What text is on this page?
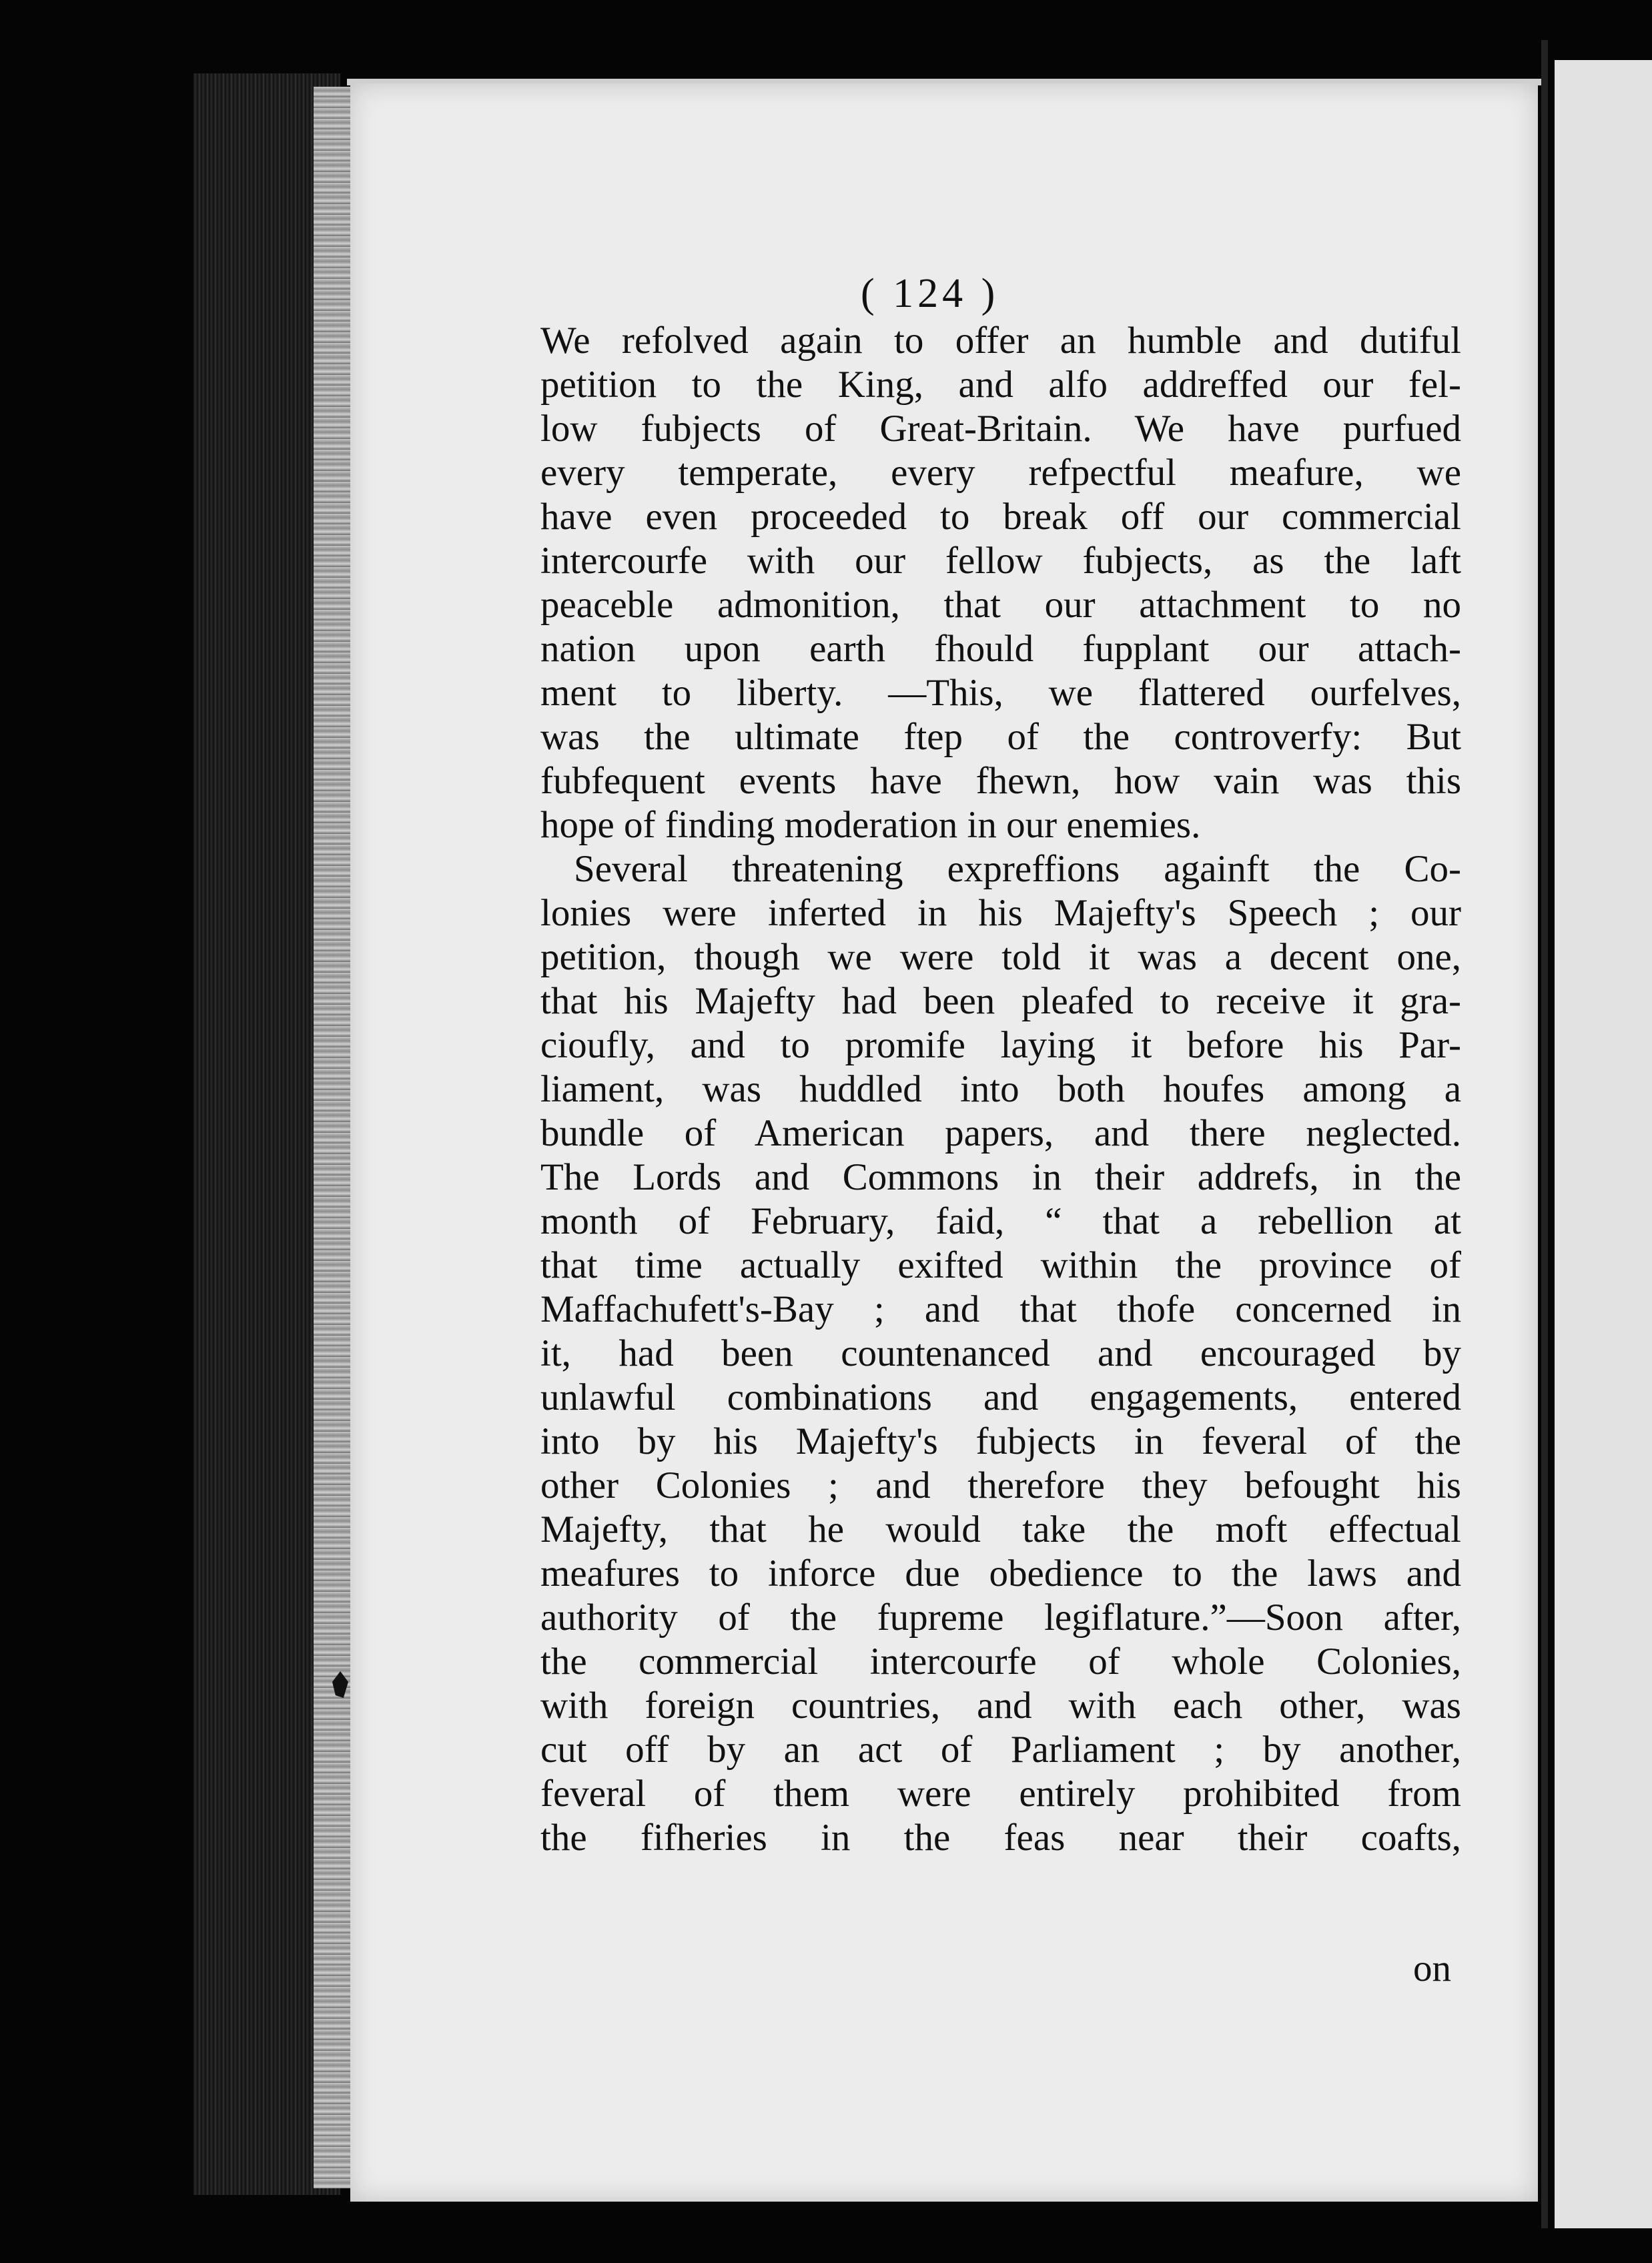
( 124 )
We refolved again to offer an humble and dutiful
petition to the King, and alfo addreffed our fel-
low fubjects of Great-Britain. We have purfued
every temperate, every refpectful meafure, we
have even proceeded to break off our commercial
intercourfe with our fellow fubjects, as the laft
peaceble admonition, that our attachment to no
nation upon earth fhould fupplant our attach-
ment to liberty. —This, we flattered ourfelves,
was the ultimate ftep of the controverfy: But
fubfequent events have fhewn, how vain was this
hope of finding moderation in our enemies.
Several threatening expreffions againft the Co-
lonies were inferted in his Majefty's Speech ; our
petition, though we were told it was a decent one,
that his Majefty had been pleafed to receive it gra-
cioufly, and to promife laying it before his Par-
liament, was huddled into both houfes among a
bundle of American papers, and there neglected.
The Lords and Commons in their addrefs, in the
month of February, faid, “ that a rebellion at
that time actually exifted within the province of
Maffachufett's-Bay ; and that thofe concerned in
it, had been countenanced and encouraged by
unlawful combinations and engagements, entered
into by his Majefty's fubjects in feveral of the
other Colonies ; and therefore they befought his
Majefty, that he would take the moft effectual
meafures to inforce due obedience to the laws and
authority of the fupreme legiflature.”—Soon after,
the commercial intercourfe of whole Colonies,
with foreign countries, and with each other, was
cut off by an act of Parliament ; by another,
feveral of them were entirely prohibited from
the fifheries in the feas near their coafts,
on
